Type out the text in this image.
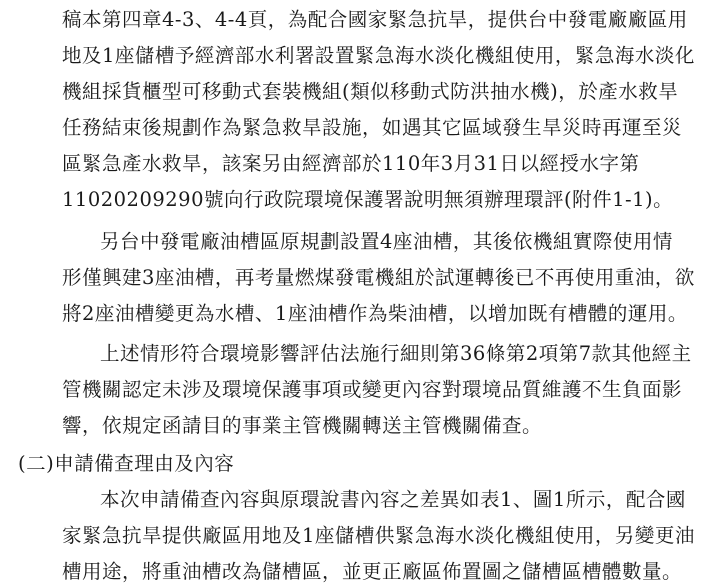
稿本第四章4-3、4-4頁，為配合國家緊急抗旱，提供台中發電廠廠區用
地及1座儲槽予經濟部水利署設置緊急海水淡化機組使用，緊急海水淡化
機組採貨櫃型可移動式套裝機組(類似移動式防洪抽水機)，於產水救旱
任務結束後規劃作為緊急救旱設施，如遇其它區域發生旱災時再運至災
區緊急產水救旱，該案另由經濟部於110年3月31日以經授水字第
11020209290號向行政院環境保護署說明無須辦理環評(附件1-1)。
另台中發電廠油槽區原規劃設置4座油槽，其後依機組實際使用情
形僅興建3座油槽，再考量燃煤發電機組於試運轉後已不再使用重油，欲
將2座油槽變更為水槽、1座油槽作為柴油槽，以增加既有槽體的運用。
上述情形符合環境影響評估法施行細則第36條第2項第7款其他經主
管機關認定未涉及環境保護事項或變更內容對環境品質維護不生負面影
響，依規定函請目的事業主管機關轉送主管機關備查。
(二)申請備查理由及內容
本次申請備查內容與原環說書內容之差異如表1、圖1所示，配合國
家緊急抗旱提供廠區用地及1座儲槽供緊急海水淡化機組使用，另變更油
槽用途，將重油槽改為儲槽區，並更正廠區佈置圖之儲槽區槽體數量。
